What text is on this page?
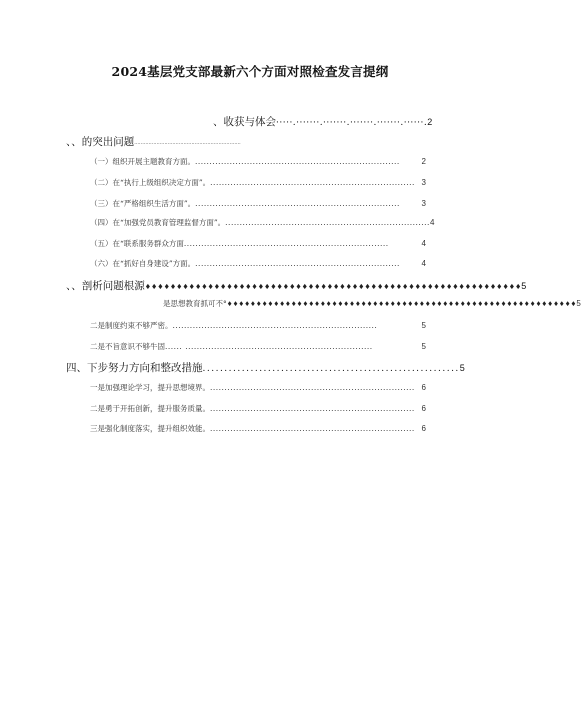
2024基层党支部最新六个方面对照检查发言提纲
、收获与体会 ·····.·······.·······.·······.·······.······. 2
、、的突出问题 ···································································
（一）组织开展主题教育方面。 .......................................................................	2
（二）在“执行上级组织决定方面”。 ....................................................................... 3
（三）在“严格组织生活方面”。 .......................................................................	3
（四）在“加强党员教育管理监督方面”。 ....................................................................... 4
（五）在“联系服务群众方面 .......................................................................	4
（六）在“抓好自身建设”方面。 .......................................................................	4
、、剖析问题根源 ♦♦♦♦♦♦♦♦♦♦♦♦♦♦♦♦♦♦♦♦♦♦♦♦♦♦♦♦♦♦♦♦♦♦♦♦♦♦♦♦♦♦♦♦♦♦♦♦♦♦♦♦♦♦♦♦♦♦♦♦ 5
是思想教育抓可不° ♦♦♦♦♦♦♦♦♦♦♦♦♦♦♦♦♦♦♦♦♦♦♦♦♦♦♦♦♦♦♦♦♦♦♦♦♦♦♦♦♦♦♦♦♦♦♦♦♦♦♦♦♦♦♦♦♦♦♦♦ 5
二是制度约束不够严密。 .......................................................................	5
二是不旨意识不够牛固 ...... .................................................................	5
四、下步努力方向和整改措施 ........................................................... 5
一是加强理论学习，提升思想境界。 ....................................................................... 6
二是勇于开拓创新，提升服务质量。 ....................................................................... 6
三是强化制度落实，提升组织效能。 ....................................................................... 6
